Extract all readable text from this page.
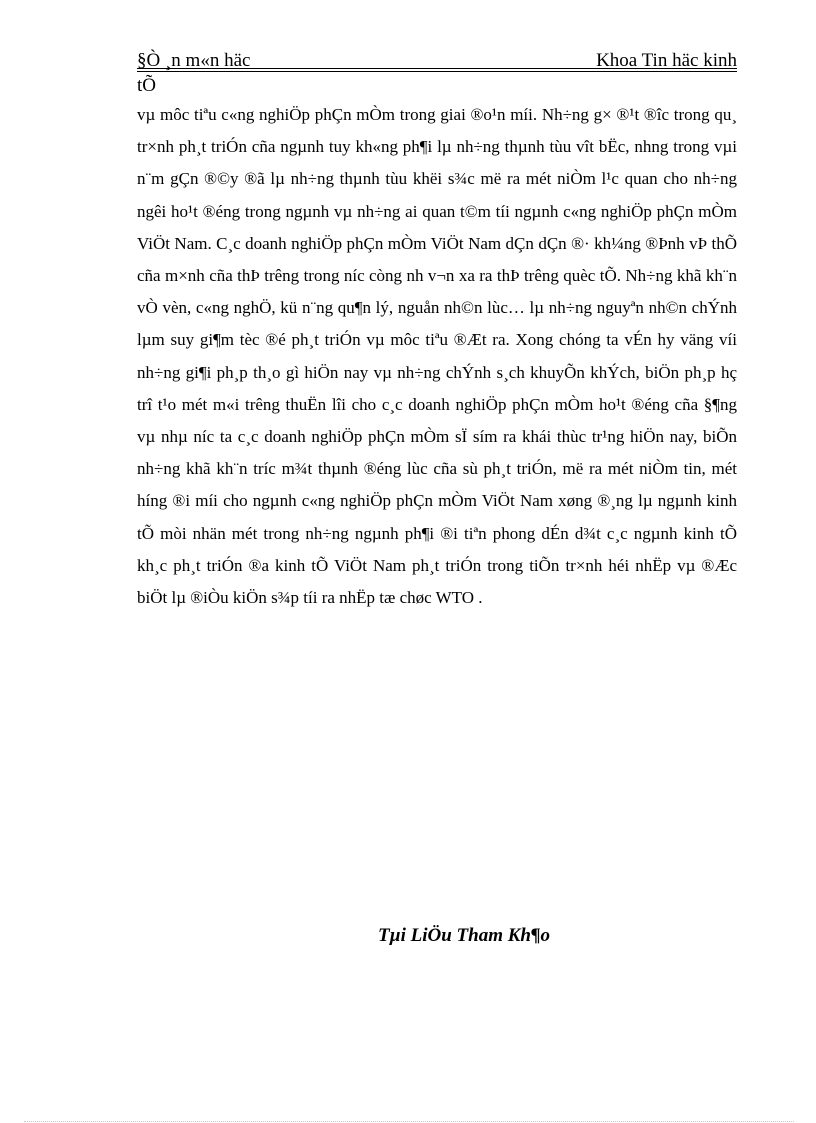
§Ò ¸n m«n häc	Khoa Tin häc kinh
tÕ

vµ môc tiªu c«ng nghiÖp phÇn mÒm trong giai ®o¹n míi. Nh÷ng g× ®¹t ®îc trong qu¸ tr×nh ph¸t triÓn cña ngµnh tuy kh«ng ph¶i lµ nh÷ng thµnh tùu vît bËc, nhng trong vµi n¨m gÇn ®©y ®ã lµ nh÷ng thµnh tùu khëi s¾c më ra mét niÒm l¹c quan cho nh÷ng ngêi ho¹t ®éng trong ngµnh vµ nh÷ng ai quan t©m tíi ngµnh c«ng nghiÖp phÇn mÒm ViÖt Nam. C¸c doanh nghiÖp phÇn mÒm ViÖt Nam dÇn dÇn ®· kh¼ng ®Þnh vÞ thÕ cña m×nh cña thÞ trêng trong níc còng nh v¬n xa ra thÞ trêng quèc tÕ. Nh÷ng khã kh¨n vÒ vèn, c«ng nghÖ, kü n¨ng qu¶n lý, nguån nh©n lùc… lµ nh÷ng nguyªn nh©n chÝnh lµm suy gi¶m tèc ®é ph¸t triÓn vµ môc tiªu ®Æt ra. Xong chóng ta vÉn hy väng víi nh÷ng gi¶i ph¸p th¸o gì hiÖn nay vµ nh÷ng chÝnh s¸ch khuyÕn khÝch, biÖn ph¸p hç trî t¹o mét m«i trêng thuËn lîi cho c¸c doanh nghiÖp phÇn mÒm ho¹t ®éng cña §¶ng vµ nhµ níc ta c¸c doanh nghiÖp phÇn mÒm sÏ sím ra khái thùc tr¹ng hiÖn nay, biÕn nh÷ng khã kh¨n tríc m¾t thµnh ®éng lùc cña sù ph¸t triÓn, më ra mét niÒm tin, mét híng ®i míi cho ngµnh c«ng nghiÖp phÇn mÒm ViÖt Nam xøng ®¸ng lµ ngµnh kinh tÕ mòi nhän mét trong nh÷ng ngµnh ph¶i ®i tiªn phong dÉn d¾t c¸c ngµnh kinh tÕ kh¸c ph¸t triÓn ®a kinh tÕ ViÖt Nam ph¸t triÓn trong tiÕn tr×nh héi nhËp vµ ®Æc biÖt lµ ®iÒu kiÖn s¾p tíi ra nhËp tæ chøc WTO .

Tµi LiÖu Tham Kh¶o
